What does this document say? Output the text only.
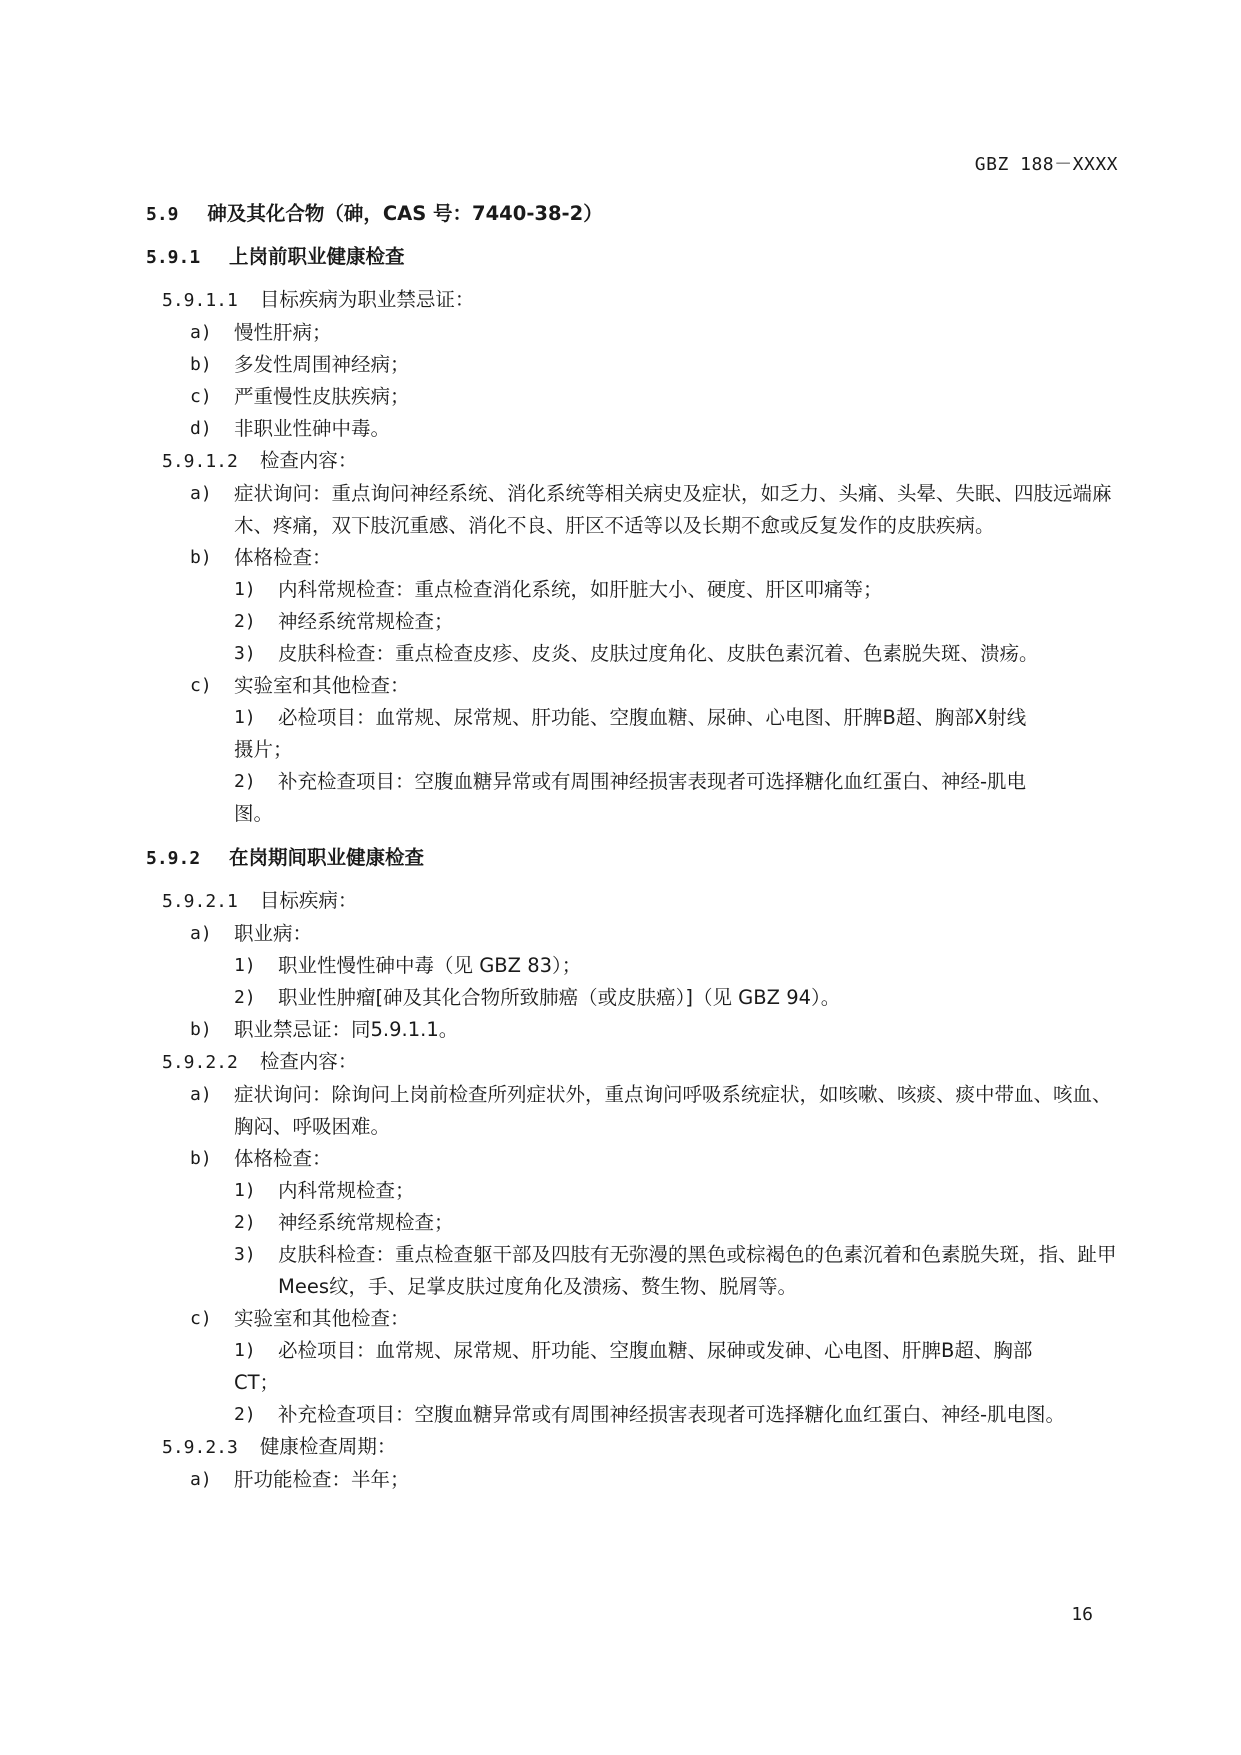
GBZ 188－XXXX
5.9 砷及其化合物（砷，CAS 号：7440-38-2）
5.9.1 上岗前职业健康检查
5.9.1.1 目标疾病为职业禁忌证：
a) 慢性肝病；
b) 多发性周围神经病；
c) 严重慢性皮肤疾病；
d) 非职业性砷中毒。
5.9.1.2 检查内容：
a) 症状询问：重点询问神经系统、消化系统等相关病史及症状，如乏力、头痛、头晕、失眠、四肢远端麻木、疼痛，双下肢沉重感、消化不良、肝区不适等以及长期不愈或反复发作的皮肤疾病。
b) 体格检查：
1) 内科常规检查：重点检查消化系统，如肝脏大小、硬度、肝区叩痛等；
2) 神经系统常规检查；
3) 皮肤科检查：重点检查皮疹、皮炎、皮肤过度角化、皮肤色素沉着、色素脱失斑、溃疡。
c) 实验室和其他检查：
1) 必检项目：血常规、尿常规、肝功能、空腹血糖、尿砷、心电图、肝脾B超、胸部X射线
摄片；
2) 补充检查项目：空腹血糖异常或有周围神经损害表现者可选择糖化血红蛋白、神经-肌电
图。
5.9.2 在岗期间职业健康检查
5.9.2.1 目标疾病：
a) 职业病：
1) 职业性慢性砷中毒（见 GBZ 83）；
2) 职业性肿瘤[砷及其化合物所致肺癌（或皮肤癌）]（见 GBZ 94）。
b) 职业禁忌证：同5.9.1.1。
5.9.2.2 检查内容：
a) 症状询问：除询问上岗前检查所列症状外，重点询问呼吸系统症状，如咳嗽、咳痰、痰中带血、咳血、胸闷、呼吸困难。
b) 体格检查：
1) 内科常规检查；
2) 神经系统常规检查；
3) 皮肤科检查：重点检查躯干部及四肢有无弥漫的黑色或棕褐色的色素沉着和色素脱失斑，指、趾甲Mees纹，手、足掌皮肤过度角化及溃疡、赘生物、脱屑等。
c) 实验室和其他检查：
1) 必检项目：血常规、尿常规、肝功能、空腹血糖、尿砷或发砷、心电图、肝脾B超、胸部
CT；
2) 补充检查项目：空腹血糖异常或有周围神经损害表现者可选择糖化血红蛋白、神经-肌电图。
5.9.2.3 健康检查周期：
a) 肝功能检查：半年；
16
